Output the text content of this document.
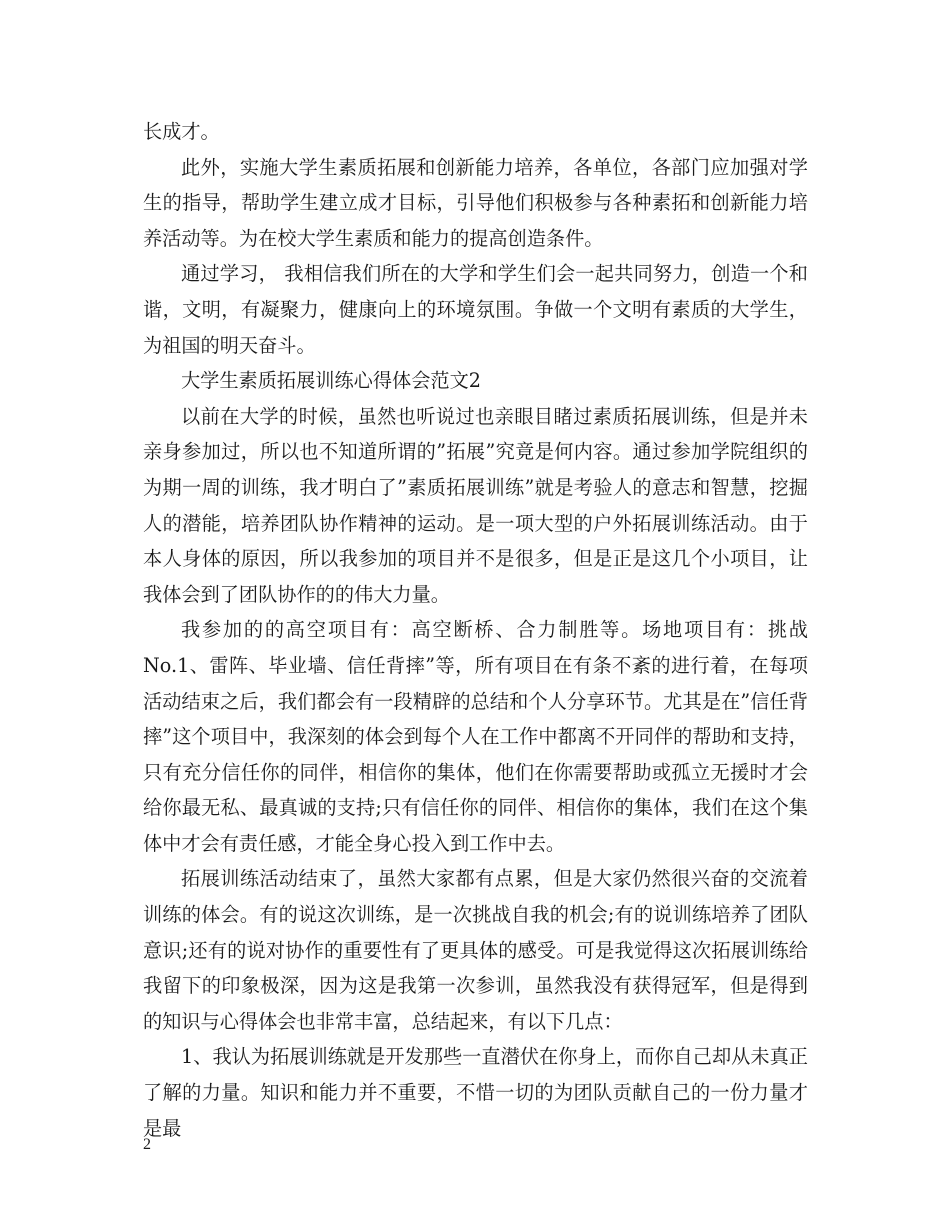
长成才。

此外，实施大学生素质拓展和创新能力培养，各单位，各部门应加强对学生的指导，帮助学生建立成才目标，引导他们积极参与各种素拓和创新能力培养活动等。为在校大学生素质和能力的提高创造条件。

通过学习， 我相信我们所在的大学和学生们会一起共同努力，创造一个和谐，文明，有凝聚力，健康向上的环境氛围。争做一个文明有素质的大学生，为祖国的明天奋斗。

大学生素质拓展训练心得体会范文2

以前在大学的时候，虽然也听说过也亲眼目睹过素质拓展训练，但是并未亲身参加过，所以也不知道所谓的”拓展”究竟是何内容。通过参加学院组织的为期一周的训练，我才明白了”素质拓展训练”就是考验人的意志和智慧，挖掘人的潜能，培养团队协作精神的运动。是一项大型的户外拓展训练活动。由于本人身体的原因，所以我参加的项目并不是很多，但是正是这几个小项目，让我体会到了团队协作的的伟大力量。

我参加的的高空项目有：高空断桥、合力制胜等。场地项目有：挑战No.1、雷阵、毕业墙、信任背摔”等，所有项目在有条不紊的进行着，在每项活动结束之后，我们都会有一段精辟的总结和个人分享环节。尤其是在”信任背摔”这个项目中，我深刻的体会到每个人在工作中都离不开同伴的帮助和支持，只有充分信任你的同伴，相信你的集体，他们在你需要帮助或孤立无援时才会给你最无私、最真诚的支持;只有信任你的同伴、相信你的集体，我们在这个集体中才会有责任感，才能全身心投入到工作中去。

拓展训练活动结束了，虽然大家都有点累，但是大家仍然很兴奋的交流着训练的体会。有的说这次训练，是一次挑战自我的机会;有的说训练培养了团队意识;还有的说对协作的重要性有了更具体的感受。可是我觉得这次拓展训练给我留下的印象极深，因为这是我第一次参训，虽然我没有获得冠军，但是得到的知识与心得体会也非常丰富，总结起来，有以下几点：

1、我认为拓展训练就是开发那些一直潜伏在你身上，而你自己却从未真正了解的力量。知识和能力并不重要，不惜一切的为团队贡献自己的一份力量才是最

2
